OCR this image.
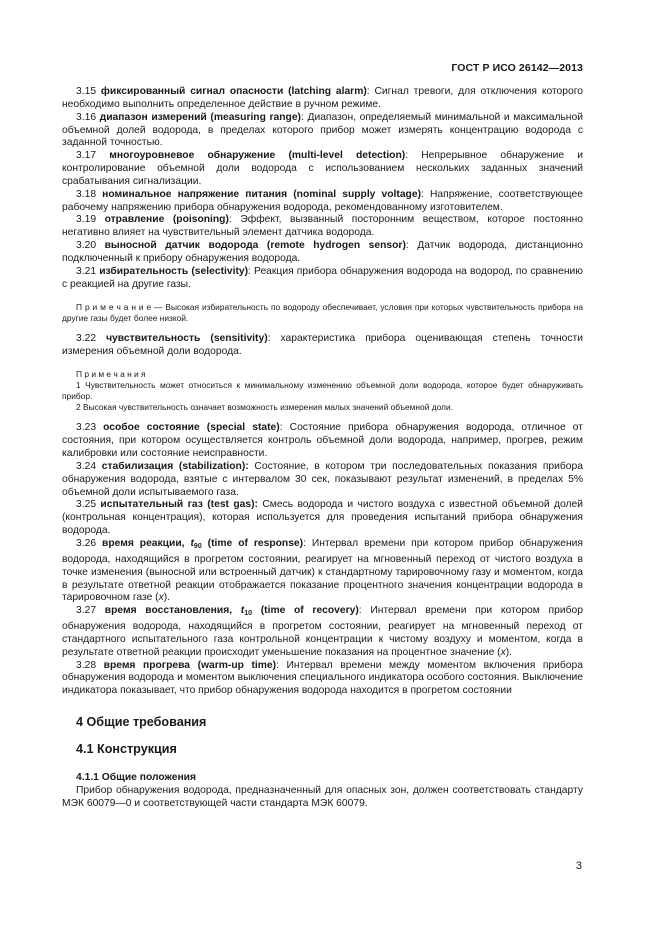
ГОСТ Р ИСО 26142—2013

3.15 фиксированный сигнал опасности (latching alarm): Сигнал тревоги, для отключения которого необходимо выполнить определенное действие в ручном режиме.

3.16 диапазон измерений (measuring range): Диапазон, определяемый минимальной и максимальной объемной долей водорода, в пределах которого прибор может измерять концентрацию водорода с заданной точностью.

3.17 многоуровневое обнаружение (multi-level detection): Непрерывное обнаружение и контролирование объемной доли водорода с использованием нескольких заданных значений срабатывания сигнализации.

3.18 номинальное напряжение питания (nominal supply voltage): Напряжение, соответствующее рабочему напряжению прибора обнаружения водорода, рекомендованному изготовителем.

3.19 отравление (poisoning): Эффект, вызванный посторонним веществом, которое постоянно негативно влияет на чувствительный элемент датчика водорода.

3.20 выносной датчик водорода (remote hydrogen sensor): Датчик водорода, дистанционно подключенный к прибору обнаружения водорода.

3.21 избирательность (selectivity): Реакция прибора обнаружения водорода на водород, по сравнению с реакцией на другие газы.

П р и м е ч а н и е — Высокая избирательность по водороду обеспечивает, условия при которых чувствительность прибора на другие газы будет более низкой.

3.22 чувствительность (sensitivity): характеристика прибора оценивающая степень точности измерения объемной доли водорода.

П р и м е ч а н и я

1 Чувствительность может относиться к минимальному изменению объемной доли водорода, которое будет обнаруживать прибор.

2 Высокая чувствительность означает возможность измерения малых значений объемной доли.

3.23 особое состояние (special state): Состояние прибора обнаружения водорода, отличное от состояния, при котором осуществляется контроль объемной доли водорода, например, прогрев, режим калибровки или состояние неисправности.

3.24 стабилизация (stabilization): Состояние, в котором три последовательных показания прибора обнаружения водорода, взятые с интервалом 30 сек, показывают результат изменений, в пределах 5% объемной доли испытываемого газа.

3.25 испытательный газ (test gas): Смесь водорода и чистого воздуха с известной объемной долей (контрольная концентрация), которая используется для проведения испытаний прибора обнаружения водорода.

3.26 время реакции, $t_{90}$ (time of response): Интервал времени при котором прибор обнаружения водорода, находящийся в прогретом состоянии, реагирует на мгновенный переход от чистого воздуха в точке изменения (выносной или встроенный датчик) к стандартному тарировочному газу и моментом, когда в результате ответной реакции отображается показание процентного значения концентрации водорода в тарировочном газе (x).

3.27 время восстановления, $t_{10}$ (time of recovery): Интервал времени при котором прибор обнаружения водорода, находящийся в прогретом состоянии, реагирует на мгновенный переход от стандартного испытательного газа контрольной концентрации к чистому воздуху и моментом, когда в результате ответной реакции происходит уменьшение показания на процентное значение (x).

3.28 время прогрева (warm-up time): Интервал времени между моментом включения прибора обнаружения водорода и моментом выключения специального индикатора особого состояния. Выключение индикатора показывает, что прибор обнаружения водорода находится в прогретом состоянии

4 Общие требования

4.1 Конструкция

4.1.1 Общие положения

Прибор обнаружения водорода, предназначенный для опасных зон, должен соответствовать стандарту МЭК 60079—0 и соответствующей части стандарта МЭК 60079.

3
